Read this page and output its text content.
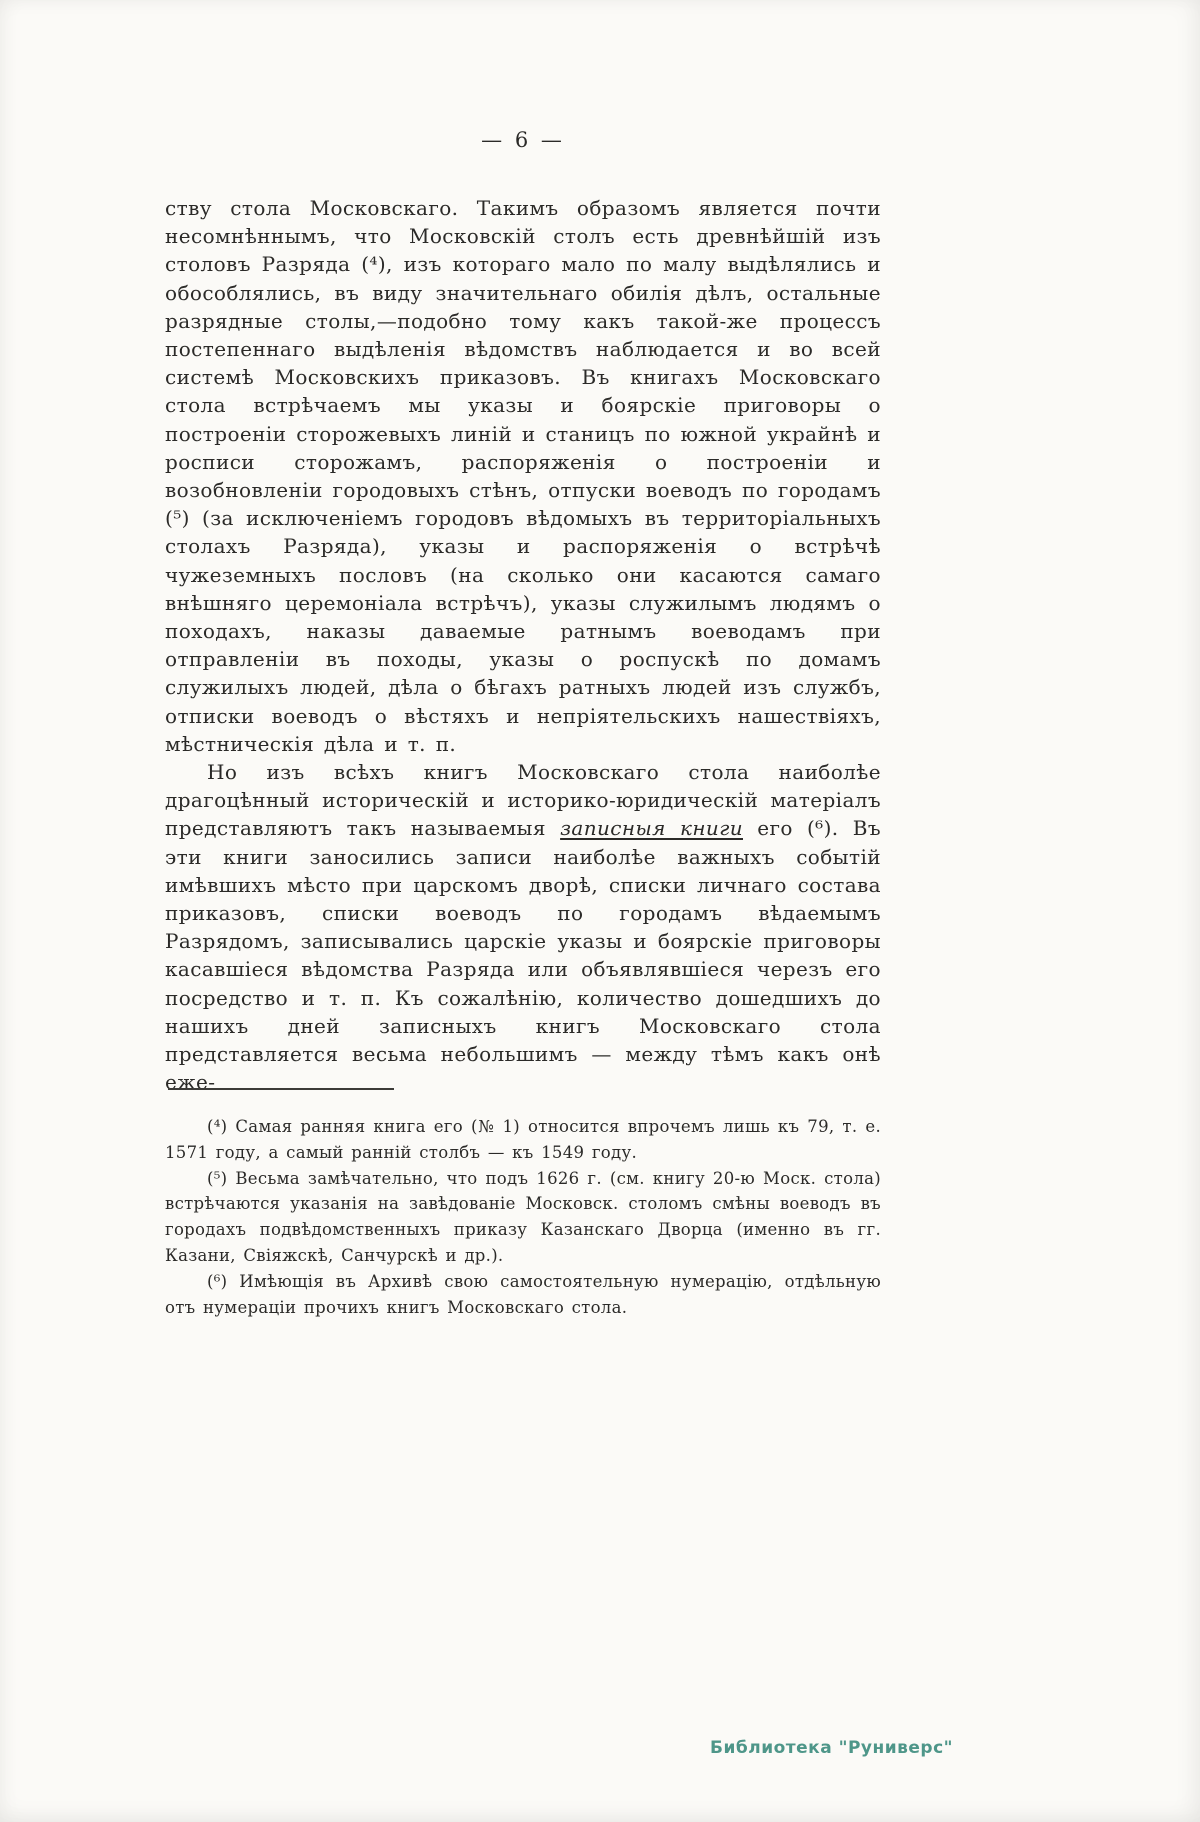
— 6 —

ству стола Московскаго. Такимъ образомъ является почти несомнѣннымъ, что Московскій столъ есть древнѣйшій изъ столовъ Разряда (⁴), изъ котораго мало по малу выдѣлялись и обособлялись, въ виду значительнаго обилія дѣлъ, остальные разрядные столы,—подобно тому какъ такой-же процессъ постепеннаго выдѣленія вѣдомствъ наблюдается и во всей системѣ Московскихъ приказовъ. Въ книгахъ Московскаго стола встрѣчаемъ мы указы и боярскіе приговоры о построеніи сторожевыхъ линій и станицъ по южной украйнѣ и росписи сторожамъ, распоряженія о построеніи и возобновленіи городовыхъ стѣнъ, отпуски воеводъ по городамъ (⁵) (за исключеніемъ городовъ вѣдомыхъ въ территоріальныхъ столахъ Разряда), указы и распоряженія о встрѣчѣ чужеземныхъ пословъ (на сколько они касаются самаго внѣшняго церемоніала встрѣчъ), указы служилымъ людямъ о походахъ, наказы даваемые ратнымъ воеводамъ при отправленіи въ походы, указы о роспускѣ по домамъ служилыхъ людей, дѣла о бѣгахъ ратныхъ людей изъ службъ, отписки воеводъ о вѣстяхъ и непріятельскихъ нашествіяхъ, мѣстническія дѣла и т. п.

Но изъ всѣхъ книгъ Московскаго стола наиболѣе драгоцѣнный историческій и историко-юридическій матеріалъ представляютъ такъ называемыя записныя книги его (⁶). Въ эти книги заносились записи наиболѣе важныхъ событій имѣвшихъ мѣсто при царскомъ дворѣ, списки личнаго состава приказовъ, списки воеводъ по городамъ вѣдаемымъ Разрядомъ, записывались царскіе указы и боярскіе приговоры касавшіеся вѣдомства Разряда или объявлявшіеся черезъ его посредство и т. п. Къ сожалѣнію, количество дошедшихъ до нашихъ дней записныхъ книгъ Московскаго стола представляется весьма небольшимъ — между тѣмъ какъ онѣ еже-

(⁴) Самая ранняя книга его (№ 1) относится впрочемъ лишь къ 79, т. е. 1571 году, а самый ранній столбъ — къ 1549 году.

(⁵) Весьма замѣчательно, что подъ 1626 г. (см. книгу 20-ю Моск. стола) встрѣчаются указанія на завѣдованіе Московск. столомъ смѣны воеводъ въ городахъ подвѣдомственныхъ приказу Казанскаго Дворца (именно въ гг. Казани, Свіяжскѣ, Санчурскѣ и др.).

(⁶) Имѣющія въ Архивѣ свою самостоятельную нумерацію, отдѣльную отъ нумераціи прочихъ книгъ Московскаго стола.

Библиотека "Руниверс"
